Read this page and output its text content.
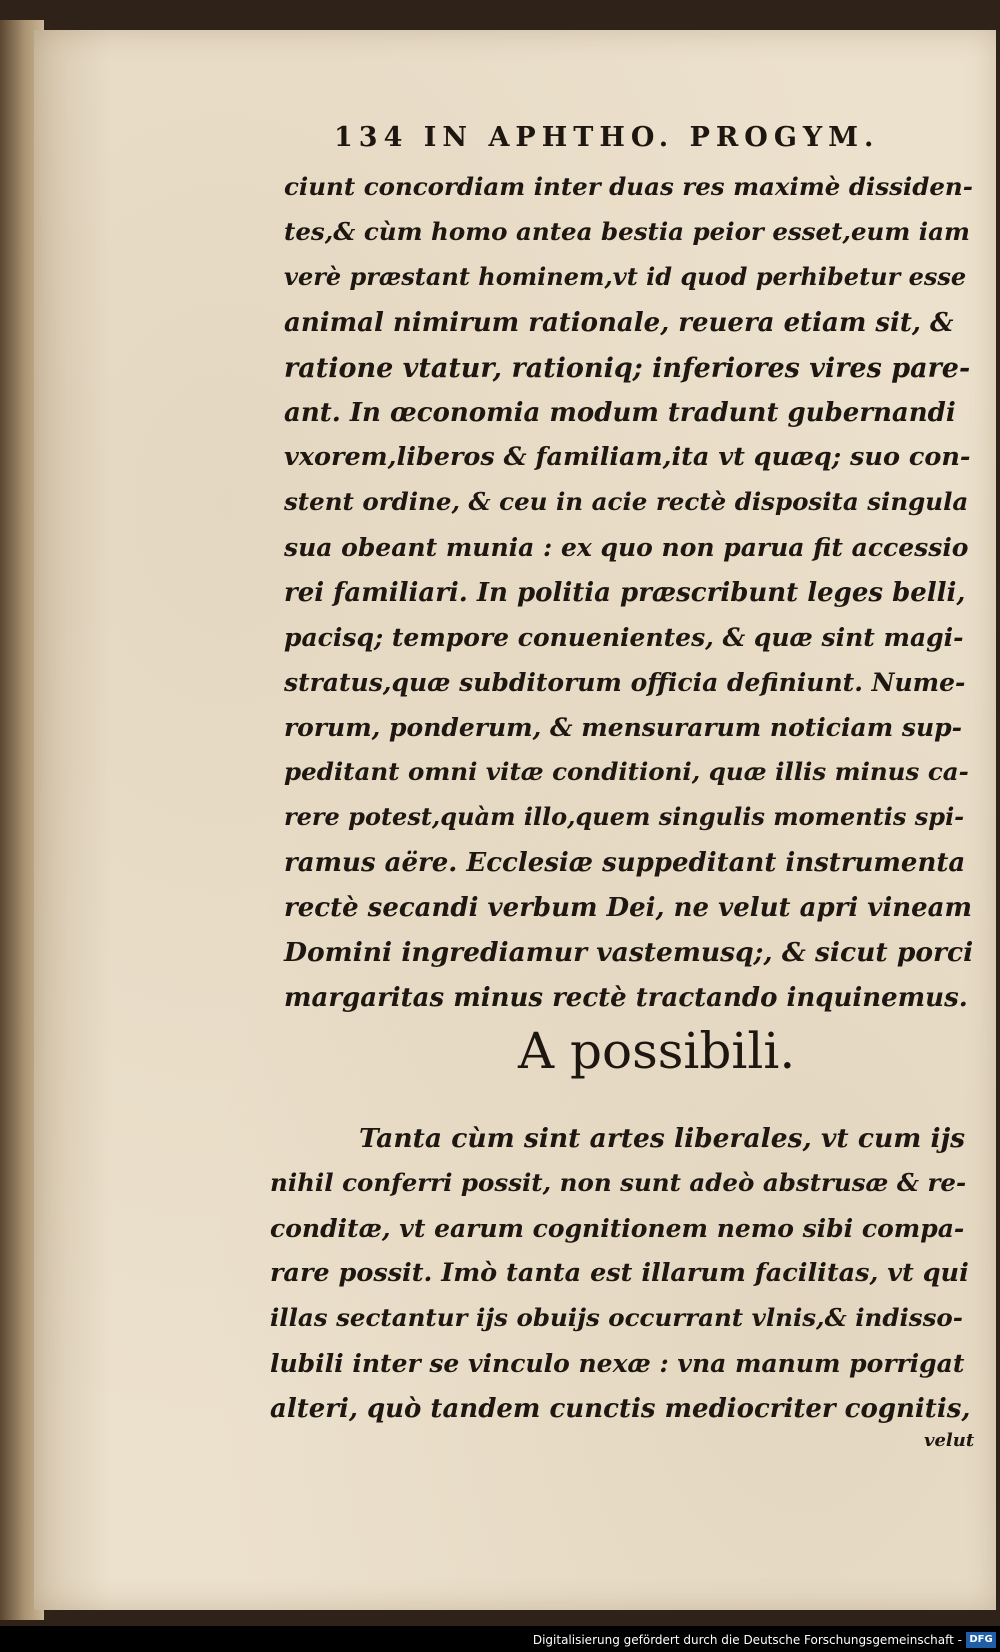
134 IN APHTHO. PROGYM.
ciunt concordiam inter duas res maximè dissiden-
tes,& cùm homo antea bestia peior esset,eum iam
verè præstant hominem,vt id quod perhibetur esse
animal nimirum rationale, reuera etiam sit, &
ratione vtatur, rationiq; inferiores vires pare-
ant. In œconomia modum tradunt gubernandi
vxorem,liberos & familiam,ita vt quæq; suo con-
stent ordine, & ceu in acie rectè disposita singula
sua obeant munia : ex quo non parua fit accessio
rei familiari. In politia præscribunt leges belli,
pacisq; tempore conuenientes, & quæ sint magi-
stratus,quæ subditorum officia definiunt. Nume-
rorum, ponderum, & mensurarum noticiam sup-
peditant omni vitæ conditioni, quæ illis minus ca-
rere potest,quàm illo,quem singulis momentis spi-
ramus aëre. Ecclesiæ suppeditant instrumenta
rectè secandi verbum Dei, ne velut apri vineam
Domini ingrediamur vastemusq;, & sicut porci
margaritas minus rectè tractando inquinemus.
A possibili.
Tanta cùm sint artes liberales, vt cum ijs
nihil conferri possit, non sunt adeò abstrusæ & re-
conditæ, vt earum cognitionem nemo sibi compa-
rare possit. Imò tanta est illarum facilitas, vt qui
illas sectantur ijs obuijs occurrant vlnis,& indisso-
lubili inter se vinculo nexæ : vna manum porrigat
alteri, quò tandem cunctis mediocriter cognitis,
velut
Digitalisierung gefördert durch die Deutsche Forschungsgemeinschaft - DFG
